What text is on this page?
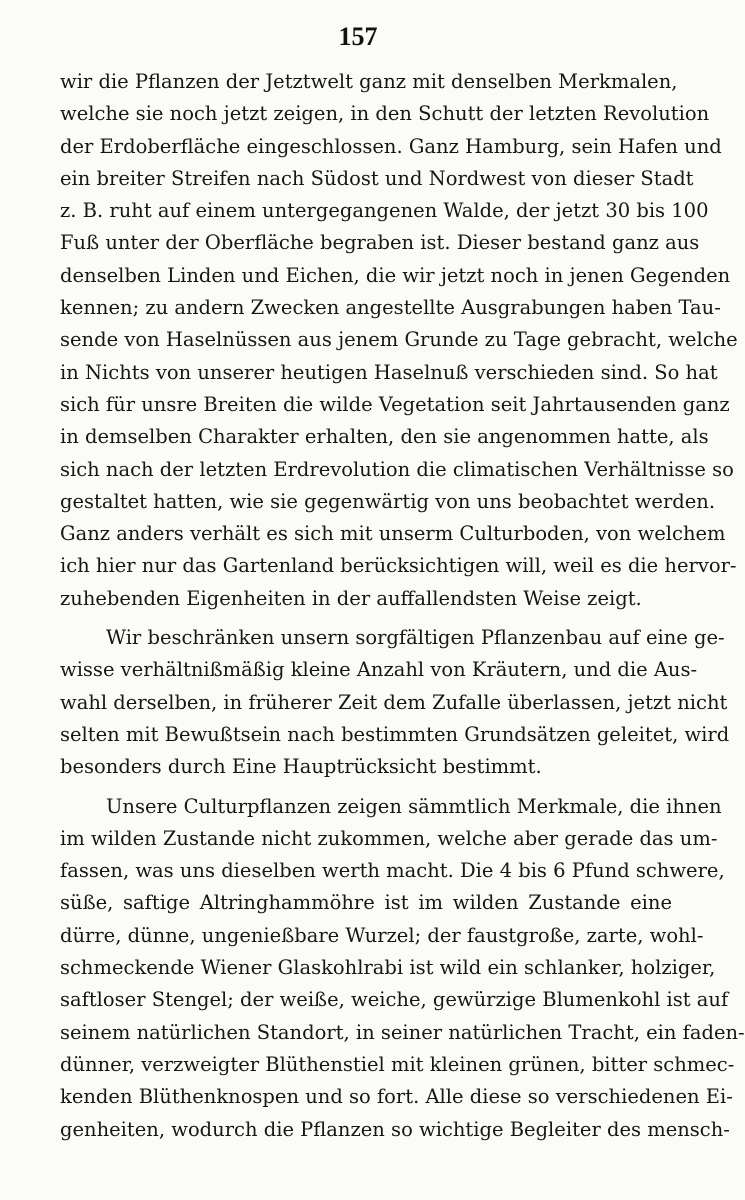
157
wir die Pflanzen der Jetztwelt ganz mit denselben Merkmalen,
welche sie noch jetzt zeigen, in den Schutt der letzten Revolution
der Erdoberfläche eingeschlossen. Ganz Hamburg, sein Hafen und
ein breiter Streifen nach Südost und Nordwest von dieser Stadt
z. B. ruht auf einem untergegangenen Walde, der jetzt 30 bis 100
Fuß unter der Oberfläche begraben ist. Dieser bestand ganz aus
denselben Linden und Eichen, die wir jetzt noch in jenen Gegenden
kennen; zu andern Zwecken angestellte Ausgrabungen haben Tau-
sende von Haselnüssen aus jenem Grunde zu Tage gebracht, welche
in Nichts von unserer heutigen Haselnuß verschieden sind. So hat
sich für unsre Breiten die wilde Vegetation seit Jahrtausenden ganz
in demselben Charakter erhalten, den sie angenommen hatte, als
sich nach der letzten Erdrevolution die climatischen Verhältnisse so
gestaltet hatten, wie sie gegenwärtig von uns beobachtet werden.
Ganz anders verhält es sich mit unserm Culturboden, von welchem
ich hier nur das Gartenland berücksichtigen will, weil es die hervor-
zuhebenden Eigenheiten in der auffallendsten Weise zeigt.
Wir beschränken unsern sorgfältigen Pflanzenbau auf eine ge-
wisse verhältnißmäßig kleine Anzahl von Kräutern, und die Aus-
wahl derselben, in früherer Zeit dem Zufalle überlassen, jetzt nicht
selten mit Bewußtsein nach bestimmten Grundsätzen geleitet, wird
besonders durch Eine Hauptrücksicht bestimmt.
Unsere Culturpflanzen zeigen sämmtlich Merkmale, die ihnen
im wilden Zustande nicht zukommen, welche aber gerade das um-
fassen, was uns dieselben werth macht. Die 4 bis 6 Pfund schwere,
süße, saftige Altringhammöhre ist im wilden Zustande eine
dürre, dünne, ungenießbare Wurzel; der faustgroße, zarte, wohl-
schmeckende Wiener Glaskohlrabi ist wild ein schlanker, holziger,
saftloser Stengel; der weiße, weiche, gewürzige Blumenkohl ist auf
seinem natürlichen Standort, in seiner natürlichen Tracht, ein faden-
dünner, verzweigter Blüthenstiel mit kleinen grünen, bitter schmec-
kenden Blüthenknospen und so fort. Alle diese so verschiedenen Ei-
genheiten, wodurch die Pflanzen so wichtige Begleiter des mensch-
